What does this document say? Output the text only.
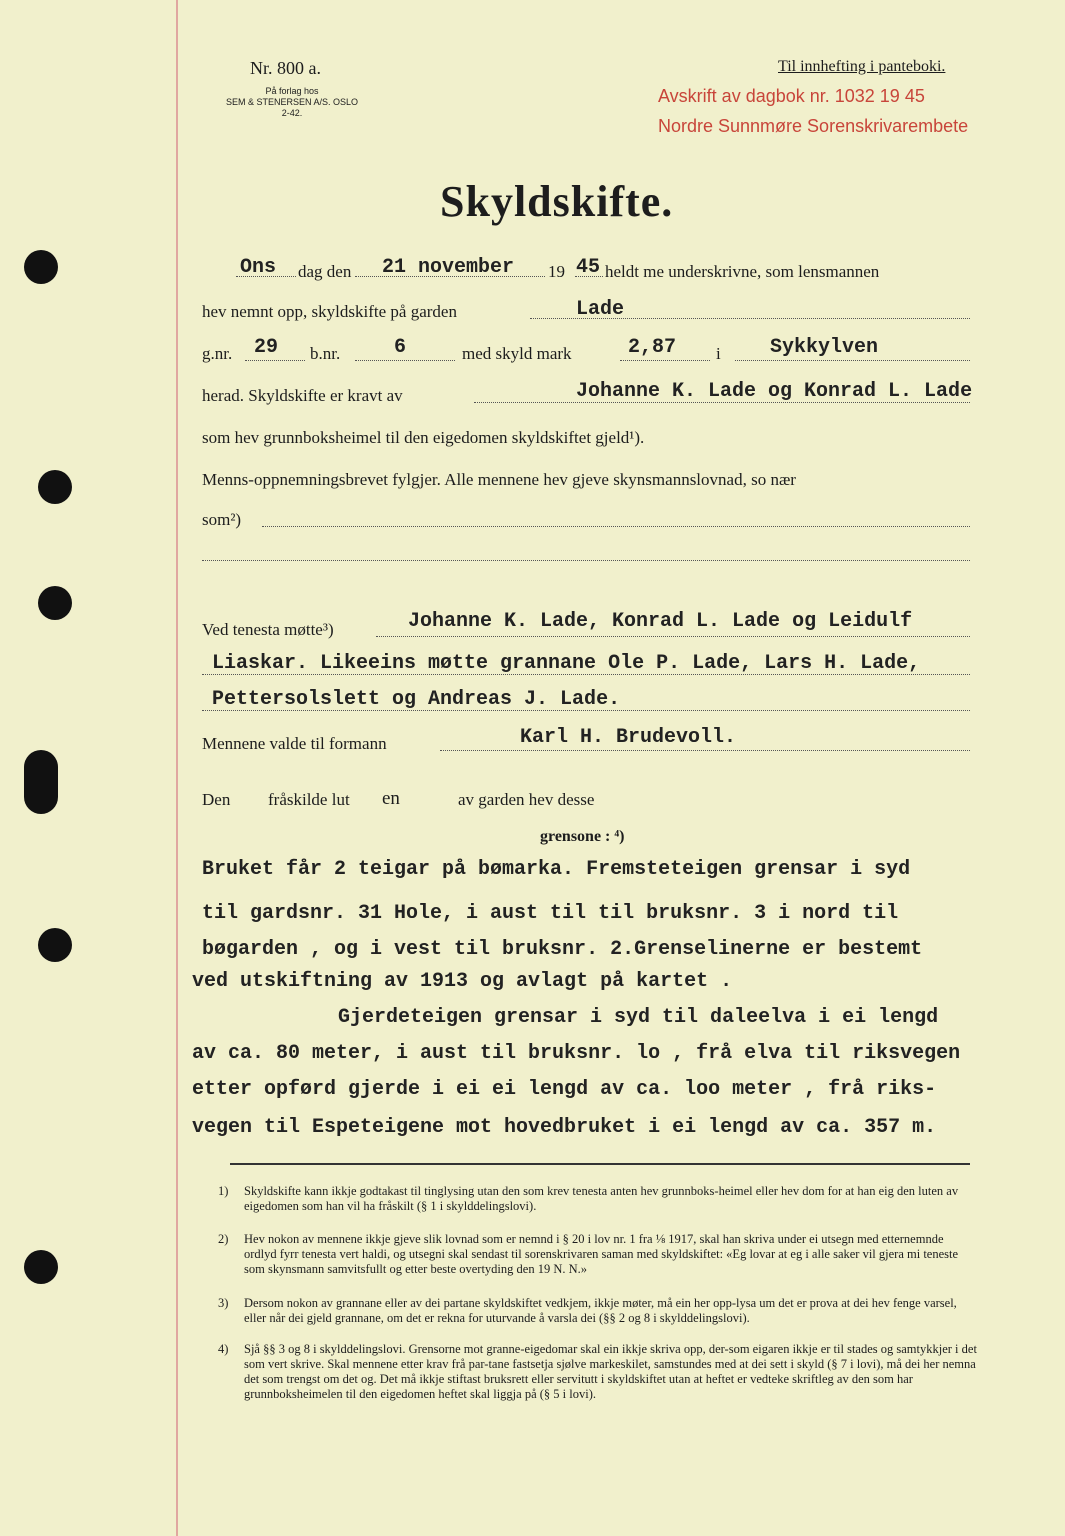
Nr. 800 a.
På forlag hos
SEM & STENERSEN A/S. OSLO
2-42.
Til innhefting i panteboki.
Avskrift av dagbok nr. 1032 19 45
Nordre Sunnmøre Sorenskrivarembete
Skyldskifte.
Ons dag den 21 november 19 45 heldt me underskrivne, som lensmannen
hev nemnt opp, skyldskifte på garden	Lade
g.nr. 29 b.nr.	6	med skyld mark	2,87 i Sykkylven
herad. Skyldskifte er kravt av	Johanne K. Lade og Konrad L. Lade
som hev grunnboksheimel til den eigedomen skyldskiftet gjeld¹).
Menns-oppnemningsbrevet fylgjer. Alle mennene hev gjeve skynsmannslovnad, so nær
som²)
Ved tenesta møtte³)	Johanne K. Lade, Konrad L. Lade og Leidulf
Liaskar. Likeeins møtte grannane Ole P. Lade, Lars H. Lade,
Pettersolslett og Andreas J. Lade.
Mennene valde til formann	Karl H. Brudevoll.
Den fråskilde lut en	av garden hev desse
grensone : ⁴)
Bruket får 2 teigar på bømarka. Fremsteteigen grensar i syd
til gardsnr. 31 Hole, i aust til til bruksnr. 3 i nord til
bøgarden , og i vest til bruksnr. 2.Grenselinerne er bestemt
ved utskiftning av 1913 og avlagt på kartet .
Gjerdeteigen grensar i syd til daleelva i ei lengd
av ca. 80 meter, i aust til bruksnr. lo , frå elva til riksvegen
etter opførd gjerde i ei ei lengd av ca. loo meter , frå riks-
vegen til Espeteigene mot hovedbruket i ei lengd av ca. 357 m.
1) Skyldskifte kann ikkje godtakast til tinglysing utan den som krev tenesta anten hev grunnboks-heimel eller hev dom for at han eig den luten av eigedomen som han vil ha fråskilt (§ 1 i skylddelingslovi).
2) Hev nokon av mennene ikkje gjeve slik lovnad som er nemnd i § 20 i lov nr. 1 fra ⅛ 1917, skal han skriva under ei utsegn med etternemnde ordlyd fyrr tenesta vert haldi, og utsegni skal sendast til sorenskrivaren saman med skyldskiftet: «Eg lovar at eg i alle saker vil gjera mi teneste som skynsmann samvitsfullt og etter beste overtyding den 19 N. N.»
3) Dersom nokon av grannane eller av dei partane skyldskiftet vedkjem, ikkje møter, må ein her opp-lysa um det er prova at dei hev fenge varsel, eller når dei gjeld grannane, om det er rekna for uturvande å varsla dei (§§ 2 og 8 i skylddelingslovi).
4) Sjå §§ 3 og 8 i skylddelingslovi. Grensorne mot granne-eigedomar skal ein ikkje skriva opp, der-som eigaren ikkje er til stades og samtykkjer i det som vert skrive. Skal mennene etter krav frå par-tane fastsetja sjølve markeskilet, samstundes med at dei sett i skyld (§ 7 i lovi), må dei her nemna det som trengst om det og. Det må ikkje stiftast bruksrett eller servitutt i skyldskiftet utan at heftet er vedteke skriftleg av den som har grunnboksheimelen til den eigedomen heftet skal liggja på (§ 5 i lovi).
